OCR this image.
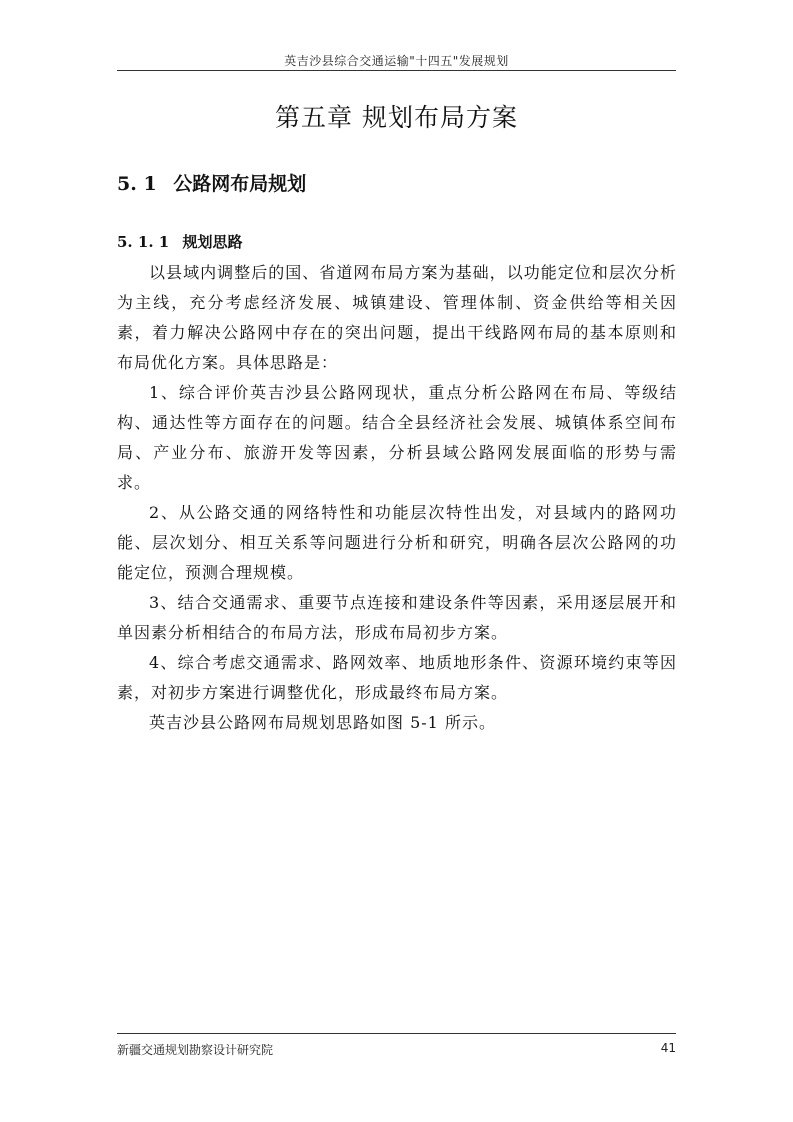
英吉沙县综合交通运输"十四五"发展规划
第五章 规划布局方案
5. 1 公路网布局规划
5. 1. 1 规划思路

以县域内调整后的国、省道网布局方案为基础，以功能定位和层次分析为主线，充分考虑经济发展、城镇建设、管理体制、资金供给等相关因素，着力解决公路网中存在的突出问题，提出干线路网布局的基本原则和布局优化方案。具体思路是：

1、综合评价英吉沙县公路网现状，重点分析公路网在布局、等级结构、通达性等方面存在的问题。结合全县经济社会发展、城镇体系空间布局、产业分布、旅游开发等因素，分析县域公路网发展面临的形势与需求。

2、从公路交通的网络特性和功能层次特性出发，对县域内的路网功能、层次划分、相互关系等问题进行分析和研究，明确各层次公路网的功能定位，预测合理规模。

3、结合交通需求、重要节点连接和建设条件等因素，采用逐层展开和单因素分析相结合的布局方法，形成布局初步方案。

4、综合考虑交通需求、路网效率、地质地形条件、资源环境约束等因素，对初步方案进行调整优化，形成最终布局方案。

英吉沙县公路网布局规划思路如图 5-1 所示。

新疆交通规划勘察设计研究院	41
